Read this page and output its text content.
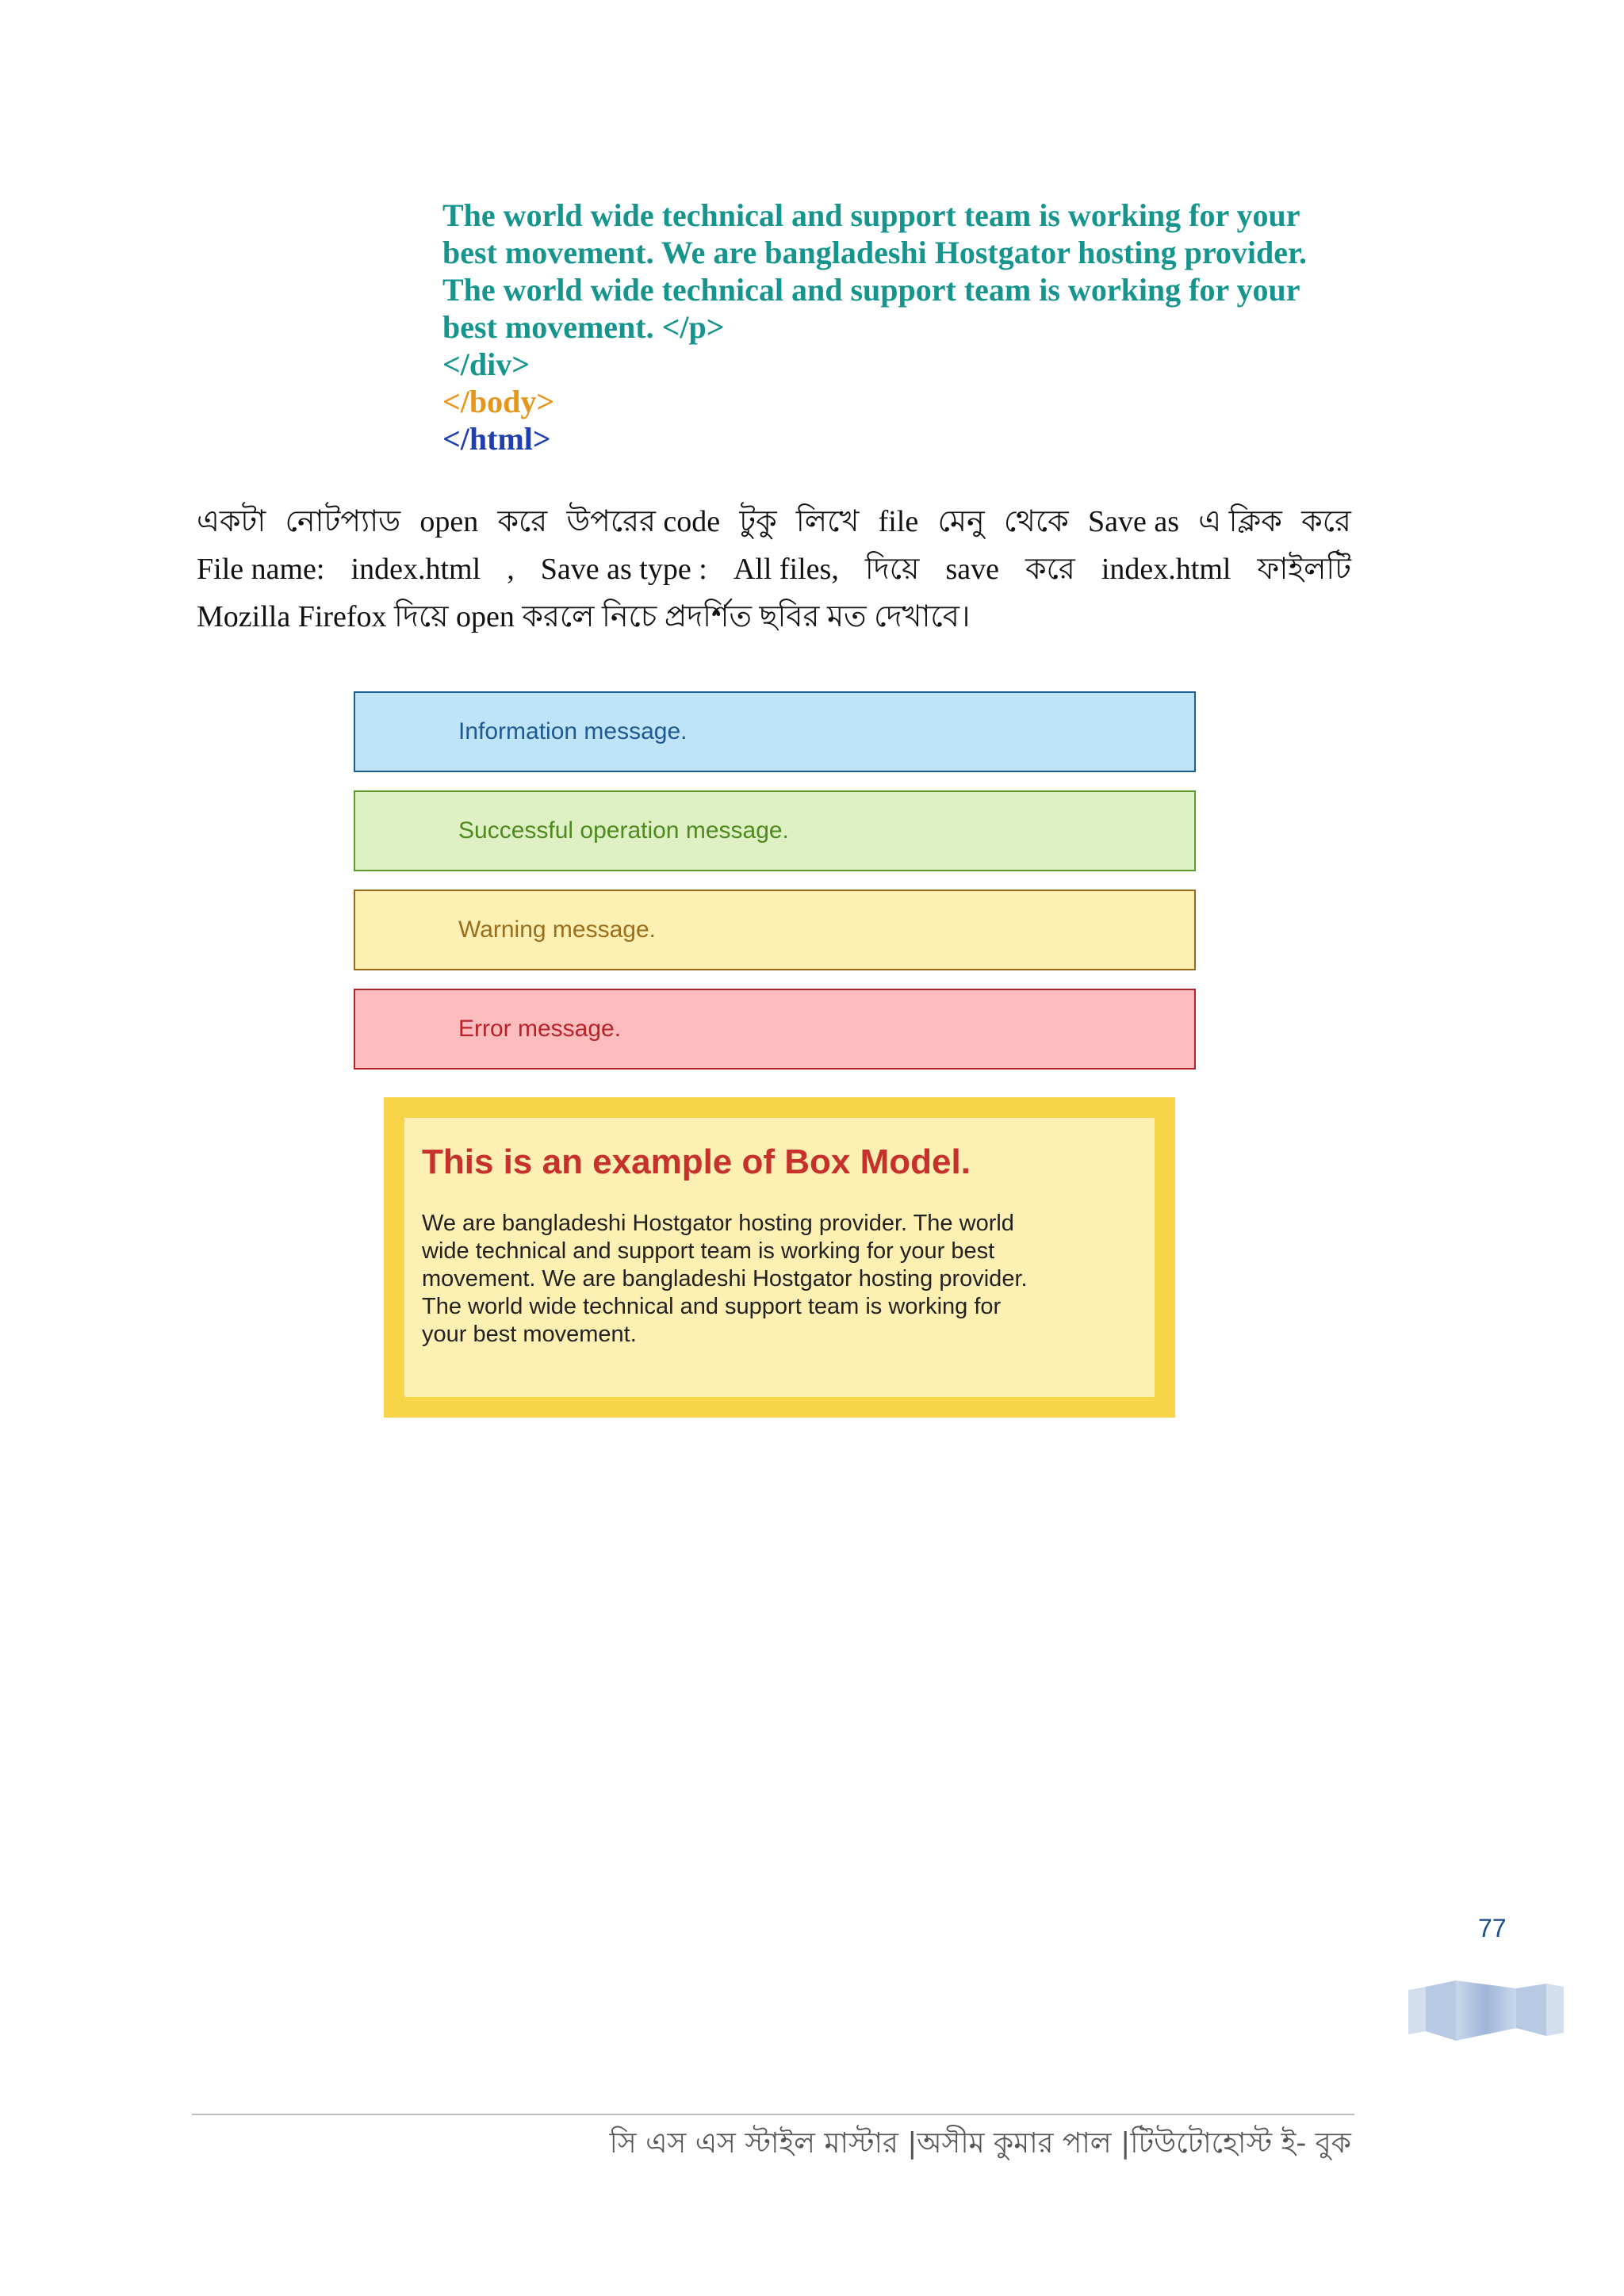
The world wide technical and support team is working for your
best movement. We are bangladeshi Hostgator hosting provider.
The world wide technical and support team is working for your
best movement. </p>
</div>
</body>
</html>
একটা নোটপ্যাড open করে উপরের code টুকু লিখে file মেনু থেকে Save as এ ক্লিক করে
File name: index.html , Save as type : All files, দিয়ে save করে index.html ফাইলটি
Mozilla Firefox দিয়ে open করলে নিচে প্রদর্শিত ছবির মত দেখাবে।
Information message.
Successful operation message.
Warning message.
Error message.
This is an example of Box Model.

We are bangladeshi Hostgator hosting provider. The world
wide technical and support team is working for your best
movement. We are bangladeshi Hostgator hosting provider.
The world wide technical and support team is working for
your best movement.

77
সি এস এস স্টাইল মাস্টার |অসীম কুমার পাল |টিউটোহোস্ট ই- বুক
